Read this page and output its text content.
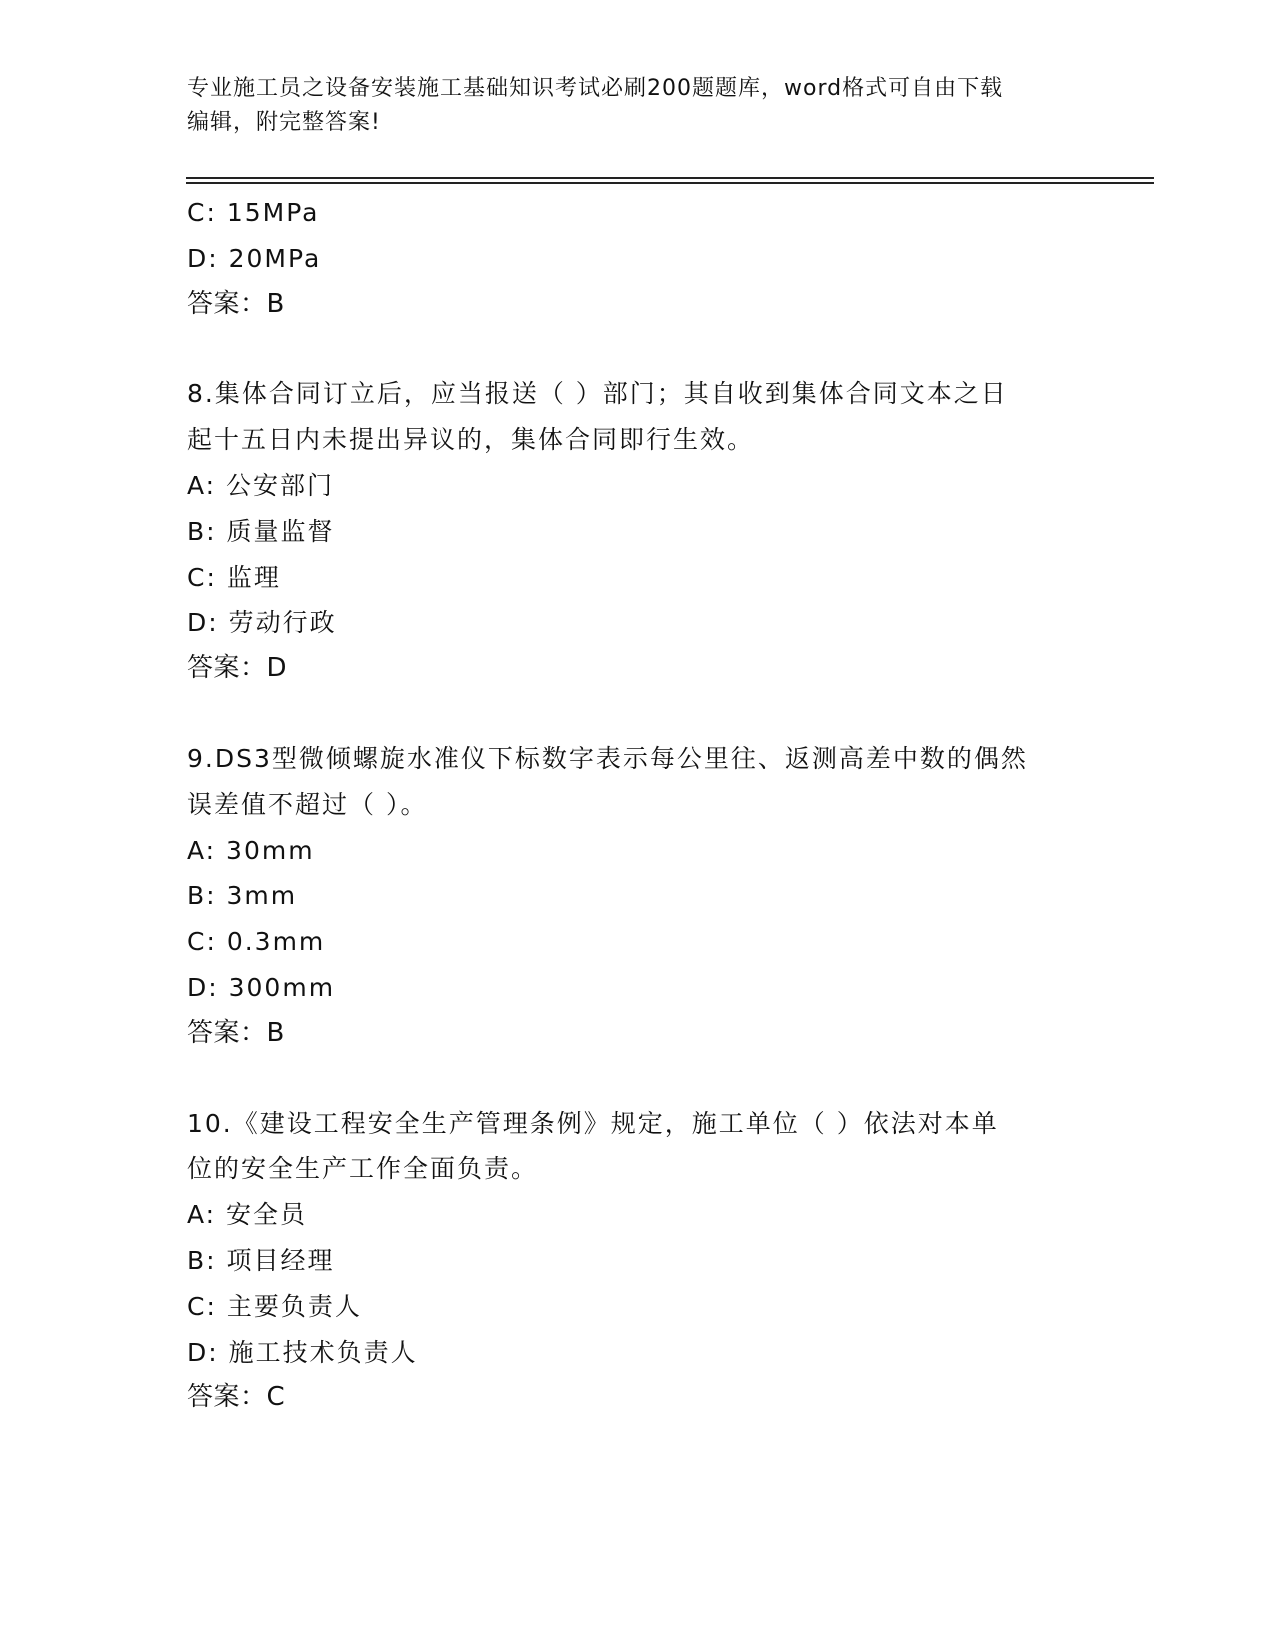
专业施工员之设备安装施工基础知识考试必刷200题题库，word格式可自由下载
编辑，附完整答案!
C: 15MPa
D: 20MPa
答案：B
8.集体合同订立后，应当报送（ ）部门；其自收到集体合同文本之日
起十五日内未提出异议的，集体合同即行生效。
A: 公安部门
B: 质量监督
C: 监理
D: 劳动行政
答案：D
9.DS3型微倾螺旋水准仪下标数字表示每公里往、返测高差中数的偶然
误差值不超过（ ）。
A: 30mm
B: 3mm
C: 0.3mm
D: 300mm
答案：B
10.《建设工程安全生产管理条例》规定，施工单位（ ）依法对本单
位的安全生产工作全面负责。
A: 安全员
B: 项目经理
C: 主要负责人
D: 施工技术负责人
答案：C
